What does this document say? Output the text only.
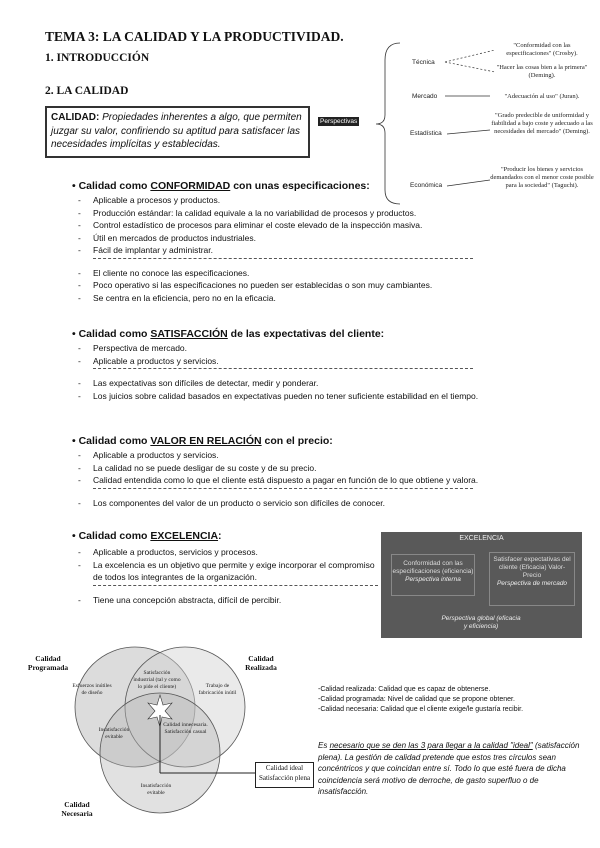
TEMA 3: LA CALIDAD Y LA PRODUCTIVIDAD.
1. INTRODUCCIÓN
2. LA CALIDAD
CALIDAD: Propiedades inherentes a algo, que permiten juzgar su valor, confiriendo su aptitud para satisfacer las necesidades implícitas y establecidas.
Perspectivas
Técnica
Mercado
Estadística
Económica
"Conformidad con las especificaciones" (Crosby).
"Hacer las cosas bien a la primera" (Deming).
"Adecuación al uso" (Juran).
"Grado predecible de uniformidad y fiabilidad a bajo coste y adecuado a las necesidades del mercado" (Deming).
"Producir los bienes y servicios demandados con el menor coste posible para la sociedad" (Taguchi).
• Calidad como CONFORMIDAD con unas especificaciones:
- Aplicable a procesos y productos.
- Producción estándar: la calidad equivale a la no variabilidad de procesos y productos.
- Control estadístico de procesos para eliminar el coste elevado de la inspección masiva.
- Útil en mercados de productos industriales.
- Fácil de implantar y administrar.
- El cliente no conoce las especificaciones.
- Poco operativo si las especificaciones no pueden ser establecidas o son muy cambiantes.
- Se centra en la eficiencia, pero no en la eficacia.
• Calidad como SATISFACCIÓN de las expectativas del cliente:
- Perspectiva de mercado.
- Aplicable a productos y servicios.
- Las expectativas son difíciles de detectar, medir y ponderar.
- Los juicios sobre calidad basados en expectativas pueden no tener suficiente estabilidad en el tiempo.
• Calidad como VALOR EN RELACIÓN con el precio:
- Aplicable a productos y servicios.
- La calidad no se puede desligar de su coste y de su precio.
- Calidad entendida como lo que el cliente está dispuesto a pagar en función de lo que obtiene y valora.
- Los componentes del valor de un producto o servicio son difíciles de conocer.
• Calidad como EXCELENCIA:
- Aplicable a productos, servicios y procesos.
- La excelencia es un objetivo que permite y exige incorporar el compromiso de todos los integrantes de la organización.
- Tiene una concepción abstracta, difícil de percibir.
EXCELENCIA
Conformidad con las especificaciones (eficiencia)
Perspectiva interna
Satisfacer expectativas del cliente (Eficacia) Valor-Precio
Perspectiva de mercado
Perspectiva global (eficacia y eficiencia)
Calidad Programada
Calidad Realizada
Calidad Necesaria
Esfuerzos inútiles de diseño
Trabajo de fabricación inútil
Satisfacción industrial (tal y como lo pide el cliente)
Insatisfacción evitable
Calidad innecesaria. Satisfacción casual
Insatisfacción evitable
Calidad ideal Satisfacción plena
-Calidad realizada: Calidad que es capaz de obtenerse.
-Calidad programada: Nivel de calidad que se propone obtener.
-Calidad necesaria: Calidad que el cliente exige/le gustaría recibir.
Es necesario que se den las 3 para llegar a la calidad "ideal" (satisfacción plena). La gestión de calidad pretende que estos tres círculos sean concéntricos y que coincidan entre sí. Todo lo que esté fuera de dicha coincidencia será motivo de derroche, de gasto superfluo o de insatisfacción.
